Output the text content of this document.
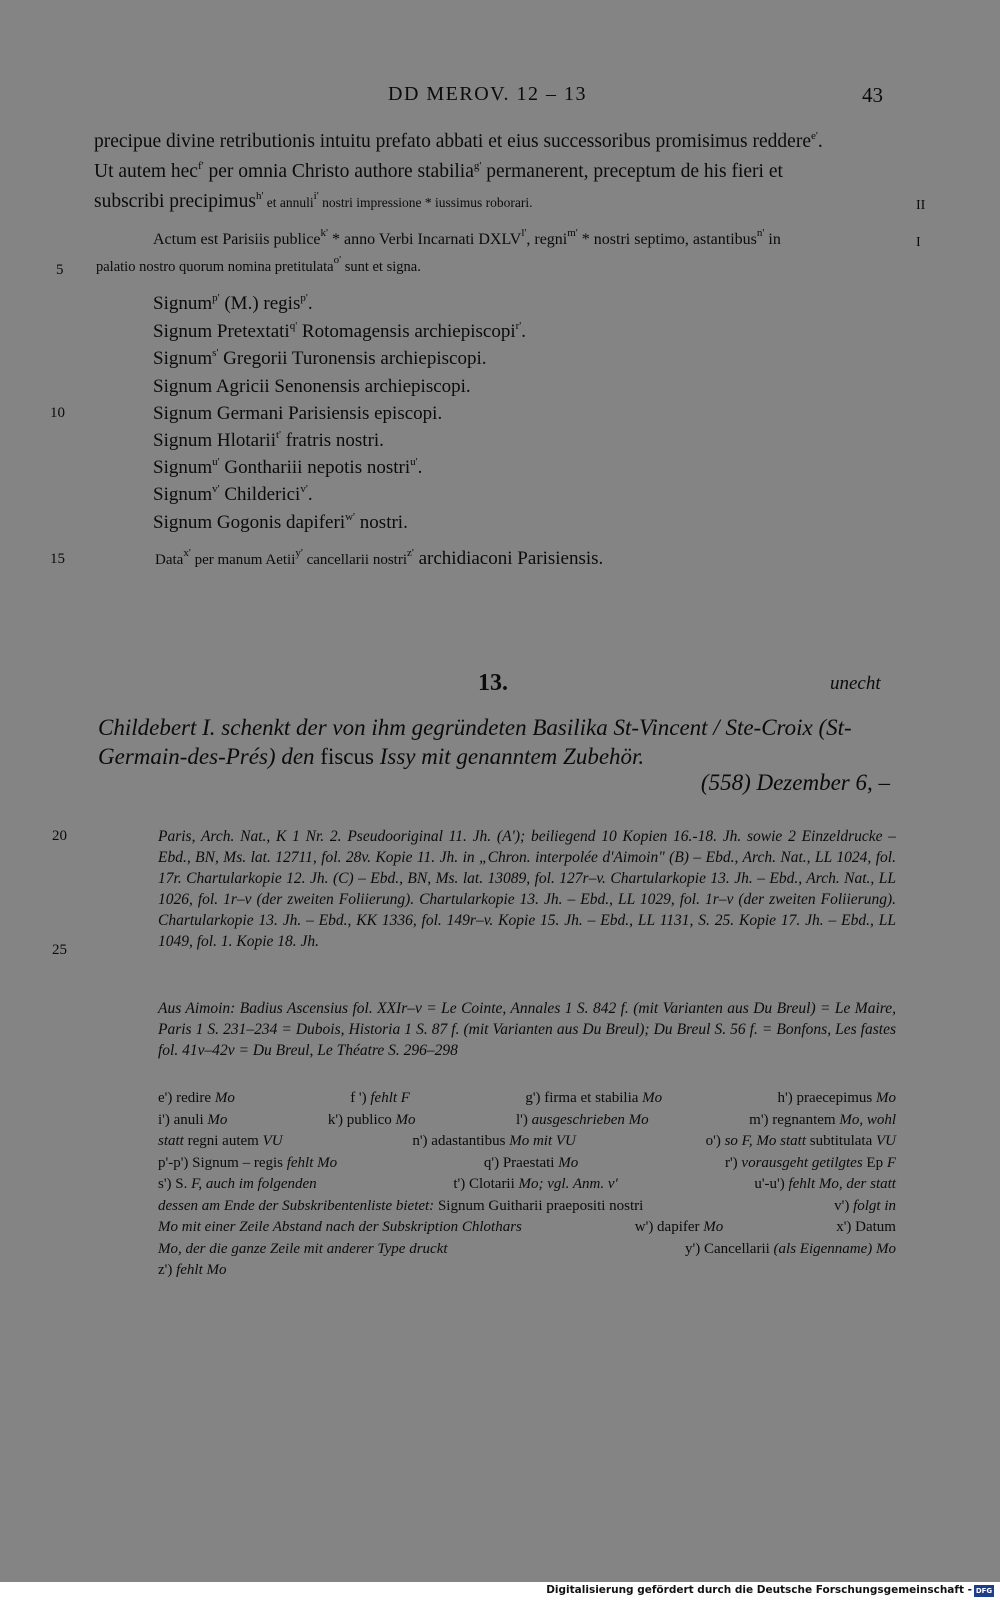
DD MEROV. 12 – 13	43
precipue divine retributionis intuitu prefato abbati et eius successoribus promisimus reddere$^{e'}$.
Ut autem hec$^{f'}$ per omnia Christo authore stabilia$^{g'}$ permanerent, preceptum de his fieri et
subscribi precipimus$^{h'}$ et annuli$^{i'}$ nostri impressione * iussimus roborari.	II
Actum est Parisiis publice$^{k'}$ * anno Verbi Incarnati $DXLV^{l'}$, regni$^{m'}$ * nostri septimo, astantibus$^{n'}$ in	I
5 palatio nostro quorum nomina pretitulata$^{o'}$ sunt et signa.
Signum$^{p'}$ (M.) regis$^{p'}$.
Signum Pretextati$^{q'}$ Rotomagensis archiepiscopi$^{r'}$.
Signum$^{s'}$ Gregorii Turonensis archiepiscopi.
Signum Agricii Senonensis archiepiscopi.
10	Signum Germani Parisiensis episcopi.
Signum Hlotarii$^{t'}$ fratris nostri.
Signum$^{u'}$ Gonthariii nepotis nostri$^{u'}$.
Signum$^{v'}$ Childerici$^{v'}$.
Signum Gogonis dapiferi$^{w'}$ nostri.
15	Data$^{x'}$ per manum Aetii$^{y'}$ cancellarii nostri$^{z'}$ archidiaconi Parisiensis.
13.	unecht
Childebert I. schenkt der von ihm gegründeten Basilika St-Vincent / Ste-Croix (St-Germain-des-Prés) den fiscus Issy mit genanntem Zubehör.
(558) Dezember 6, –
20
25
Paris, Arch. Nat., K 1 Nr. 2. Pseudooriginal 11. Jh. (A'); beiliegend 10 Kopien 16.-18. Jh. sowie 2 Einzeldrucke – Ebd., BN, Ms. lat. 12711, fol. 28v. Kopie 11. Jh. in „Chron. interpolée d'Aimoin" (B) – Ebd., Arch. Nat., LL 1024, fol. 17r. Chartularkopie 12. Jh. (C) – Ebd., BN, Ms. lat. 13089, fol. 127r–v. Chartularkopie 13. Jh. – Ebd., Arch. Nat., LL 1026, fol. 1r–v (der zweiten Foliierung). Chartularkopie 13. Jh. – Ebd., LL 1029, fol. 1r–v (der zweiten Foliierung). Chartularkopie 13. Jh. – Ebd., KK 1336, fol. 149r–v. Kopie 15. Jh. – Ebd., LL 1131, S. 25. Kopie 17. Jh. – Ebd., LL 1049, fol. 1. Kopie 18. Jh.
Aus Aimoin: Badius Ascensius fol. XXIr–v = Le Cointe, Annales 1 S. 842 f. (mit Varianten aus Du Breul) = Le Maire, Paris 1 S. 231–234 = Dubois, Historia 1 S. 87 f. (mit Varianten aus Du Breul); Du Breul S. 56 f. = Bonfons, Les fastes fol. 41v–42v = Du Breul, Le Théatre S. 296–298
e') redire Mo	f ') fehlt F	g') firma et stabilia Mo	h') praecepimus Mo
i') anuli Mo	k') publico Mo	l') ausgeschrieben Mo	m') regnantem Mo, wohl
statt regni autem VU	n') adastantibus Mo mit VU	o') so F, Mo statt subtitulata VU
p'-p') Signum – regis fehlt Mo	q') Praestati Mo	r') vorausgeht getilgtes Ep F
s') S. F, auch im folgenden	t') Clotarii Mo; vgl. Anm. v'	u'-u') fehlt Mo, der statt
dessen am Ende der Subskribentenliste bietet: Signum Guitharii praepositi nostri	v') folgt in
Mo mit einer Zeile Abstand nach der Subskription Chlothars	w') dapifer Mo	x') Datum
Mo, der die ganze Zeile mit anderer Type druckt	y') Cancellarii (als Eigenname) Mo
z') fehlt Mo
Digitalisierung gefördert durch die Deutsche Forschungsgemeinschaft - DFG
